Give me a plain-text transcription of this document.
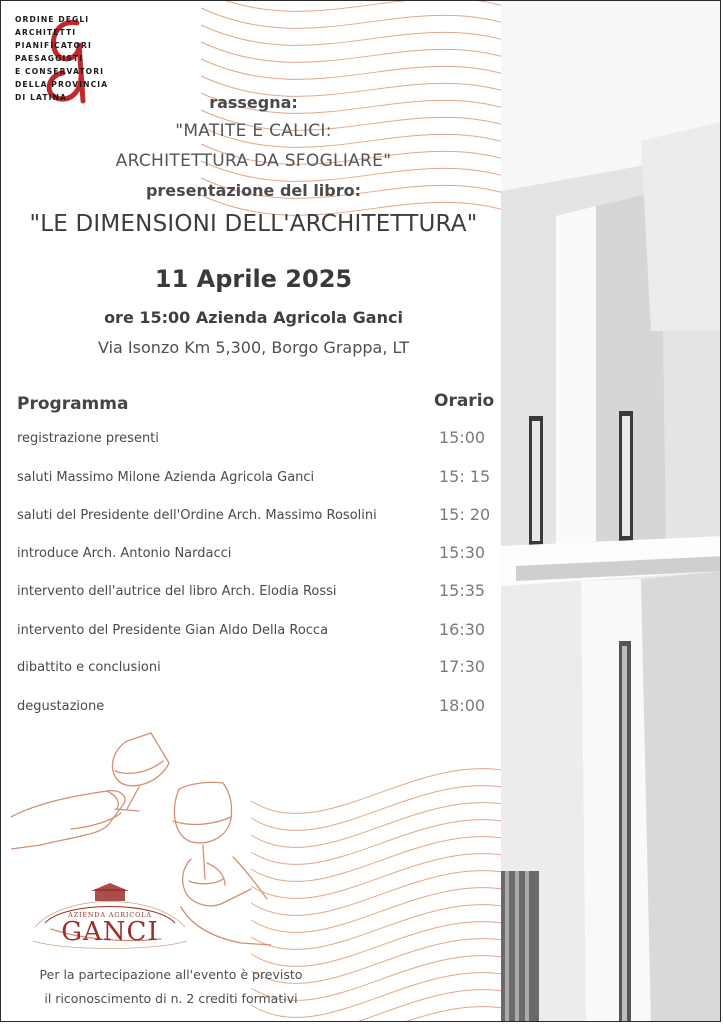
ORDINE DEGLI
ARCHITETTI
PIANIFICATORI
PAESAGGISTI
E CONSERVATORI
DELLA PROVINCIA
DI LATINA	rassegna:
"MATITE E CALICI:
ARCHITETTURA DA SFOGLIARE"
presentazione del libro:
"LE DIMENSIONI DELL'ARCHITETTURA"
11 Aprile 2025
ore 15:00 Azienda Agricola Ganci
Via Isonzo Km 5,300, Borgo Grappa, LT
Programma	Orario
registrazione presenti	15:00
saluti Massimo Milone Azienda Agricola Ganci	15: 15
saluti del Presidente dell'Ordine Arch. Massimo Rosolini	15: 20
introduce Arch. Antonio Nardacci	15:30
intervento dell'autrice del libro Arch. Elodia Rossi	15:35
intervento del Presidente Gian Aldo Della Rocca	16:30
dibattito e conclusioni	17:30
degustazione	18:00
AZIENDA AGRICOLA
GANCI
Per la partecipazione all'evento è previsto
il riconoscimento di n. 2 crediti formativi
